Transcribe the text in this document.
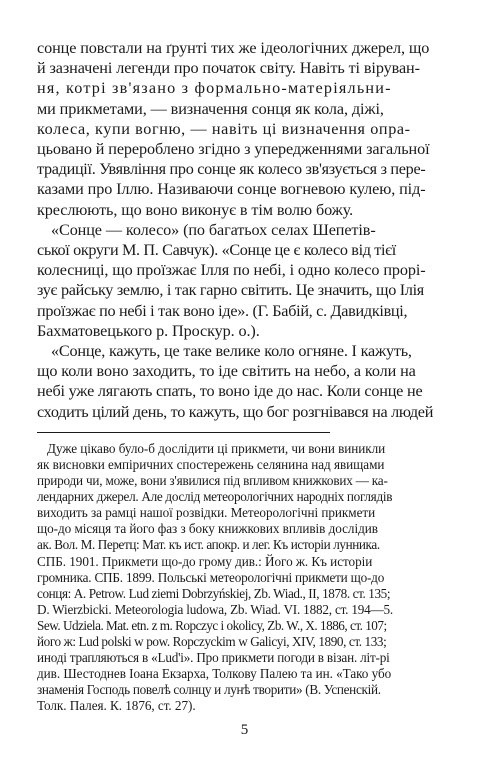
сонце повстали на ґрунті тих же ідеологічних джерел, що
й зазначені легенди про початок світу. Навіть ті віруван-
ня, котрі зв'язано з формально-матеріяльни-
ми прикметами, — визначення сонця як кола, діжі,
колеса, купи вогню, — навіть ці визначення опра-
цьовано й перероблено згідно з упередженнями загальної
традиції. Увявління про сонце як колесо зв'язується з пере-
казами про Іллю. Називаючи сонце вогневою кулею, під-
креслюють, що воно виконує в тім волю божу.

«Сонце — колесо» (по багатьох селах Шепетів-
ської округи М. П. Савчук). «Сонце це є колесо від тієї
колесниці, що проїзжає Ілля по небі, і одно колесо прорі-
зує райську землю, і так гарно світить. Це значить, що Ілія
проїзжає по небі і так воно іде». (Г. Бабій, с. Давидківці,
Бахматовецького р. Проскур. о.).

«Сонце, кажуть, це таке велике коло огняне. І кажуть,
що коли воно заходить, то іде світить на небо, а коли на
небі уже лягають спать, то воно іде до нас. Коли сонце не
сходить цілий день, то кажуть, що бог розгнівався на людей

Дуже цікаво було-б дослідити ці прикмети, чи вони виникли
як висновки емпіричних спостережень селянина над явищами
природи чи, може, вони з'явилися під впливом книжкових — ка-
лендарних джерел. Але дослід метеорологічних народніх поглядів
виходить за рамці нашої розвідки. Метеорологічні прикмети
що-до місяця та його фаз з боку книжкових впливів дослідив
ак. Вол. М. Перетц: Мат. къ ист. апокр. и лег. Къ исторіи лунника.
СПБ. 1901. Прикмети що-до грому див.: Його ж. Къ исторіи
громника. СПБ. 1899. Польські метеорологічні прикмети що-до
сонця: A. Petrow. Lud ziemi Dobrzyńskiej, Zb. Wiad., II, 1878. ст. 135;
D. Wierzbicki. Meteorologia ludowa, Zb. Wiad. VI. 1882, ст. 194—5.
Sew. Udziela. Mat. etn. z m. Ropczyc i okolicy, Zb. W., X. 1886, ст. 107;
його ж: Lud polski w pow. Ropczyckim w Galicyi, XIV, 1890, ст. 133;
иноді трапляються в «Lud'і». Про прикмети погоди в візан. літ-рі
див. Шестоднев Іоана Екзарха, Толкову Палею та ин. «Тако убо
знаменія Господь повелѣ солнцу и лунѣ творити» (В. Успенскій.
Толк. Палея. К. 1876, ст. 27).

5
